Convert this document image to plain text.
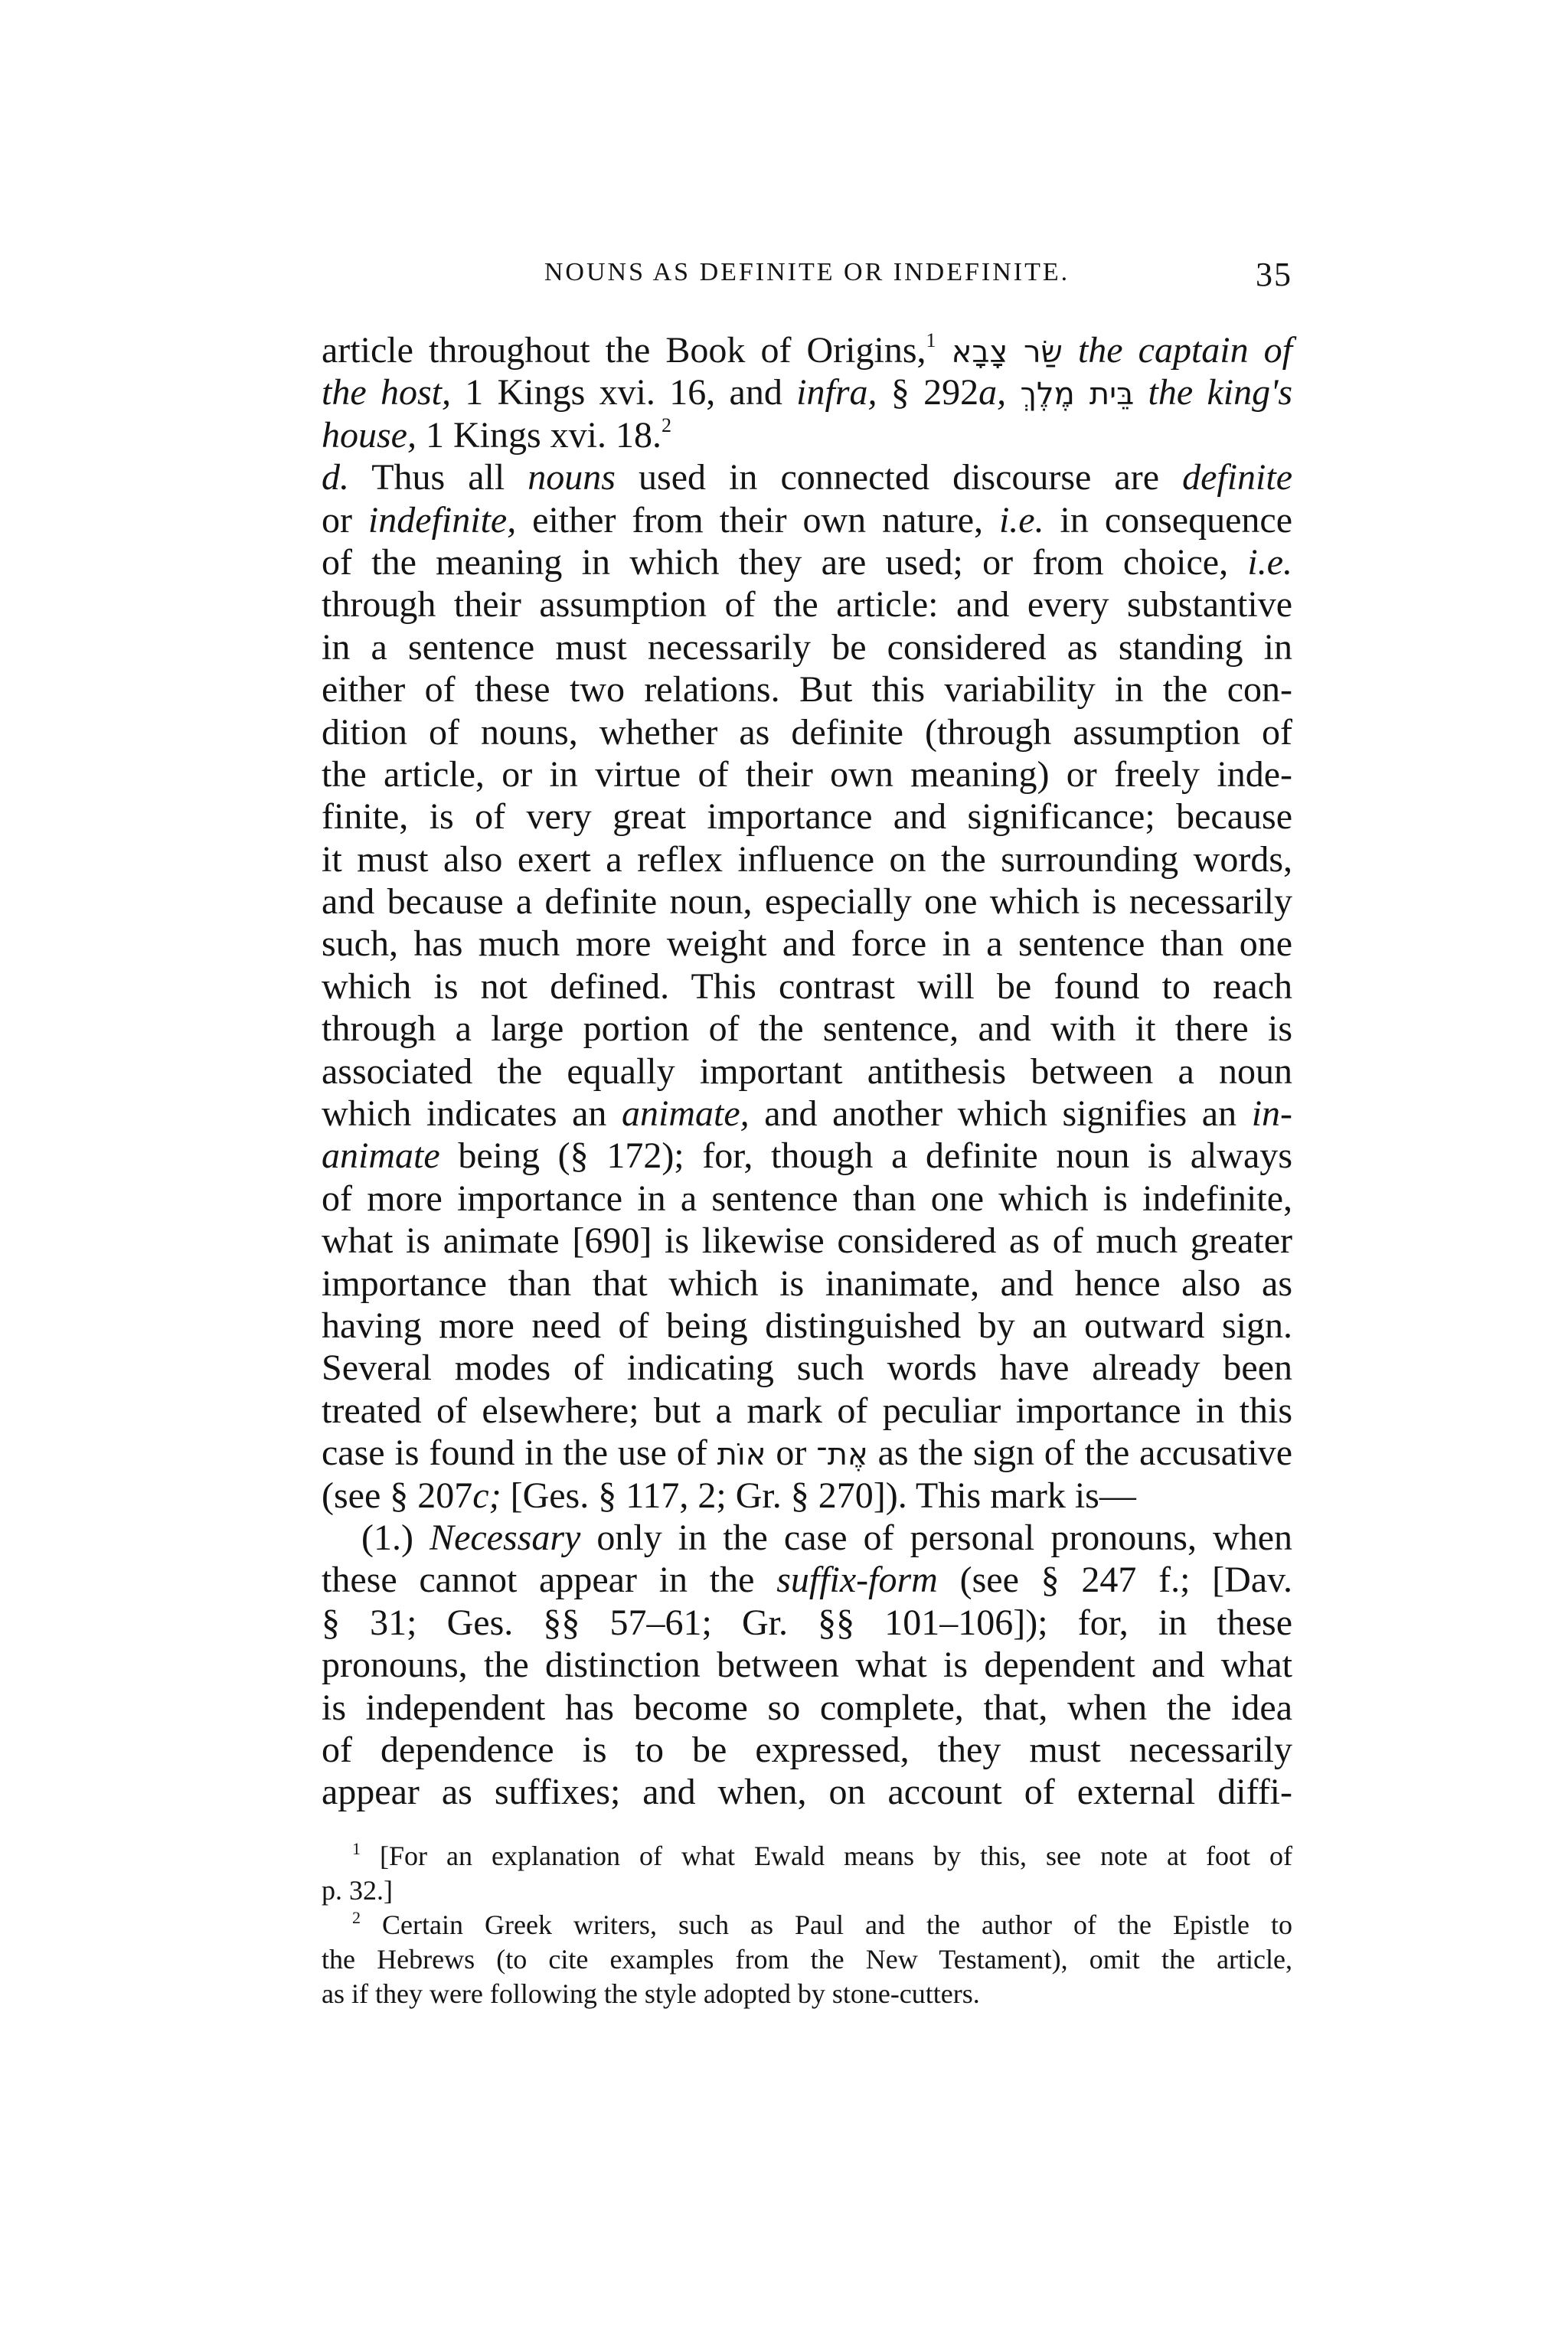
NOUNS AS DEFINITE OR INDEFINITE.	35
article throughout the Book of Origins,$^1$ שַׂר צָבָא the captain of
the host, 1 Kings xvi. 16, and infra, § 292a, בֵּית מֶלֶךְ the king's
house, 1 Kings xvi. 18.$^2$
d. Thus all nouns used in connected discourse are definite
or indefinite, either from their own nature, i.e. in consequence
of the meaning in which they are used; or from choice, i.e.
through their assumption of the article: and every substantive
in a sentence must necessarily be considered as standing in
either of these two relations. But this variability in the con-
dition of nouns, whether as definite (through assumption of
the article, or in virtue of their own meaning) or freely inde-
finite, is of very great importance and significance; because
it must also exert a reflex influence on the surrounding words,
and because a definite noun, especially one which is necessarily
such, has much more weight and force in a sentence than one
which is not defined. This contrast will be found to reach
through a large portion of the sentence, and with it there is
associated the equally important antithesis between a noun
which indicates an animate, and another which signifies an in-
animate being (§ 172); for, though a definite noun is always
of more importance in a sentence than one which is indefinite,
what is animate [690] is likewise considered as of much greater
importance than that which is inanimate, and hence also as
having more need of being distinguished by an outward sign.
Several modes of indicating such words have already been
treated of elsewhere; but a mark of peculiar importance in this
case is found in the use of אוֹת or אֶת־ as the sign of the accusative
(see § 207c; [Ges. § 117, 2; Gr. § 270]). This mark is—
(1.) Necessary only in the case of personal pronouns, when
these cannot appear in the suffix-form (see § 247 f.; [Dav.
§ 31; Ges. §§ 57–61; Gr. §§ 101–106]); for, in these
pronouns, the distinction between what is dependent and what
is independent has become so complete, that, when the idea
of dependence is to be expressed, they must necessarily
appear as suffixes; and when, on account of external diffi-
$^1$ [For an explanation of what Ewald means by this, see note at foot of
p. 32.]
$^2$ Certain Greek writers, such as Paul and the author of the Epistle to
the Hebrews (to cite examples from the New Testament), omit the article,
as if they were following the style adopted by stone-cutters.
